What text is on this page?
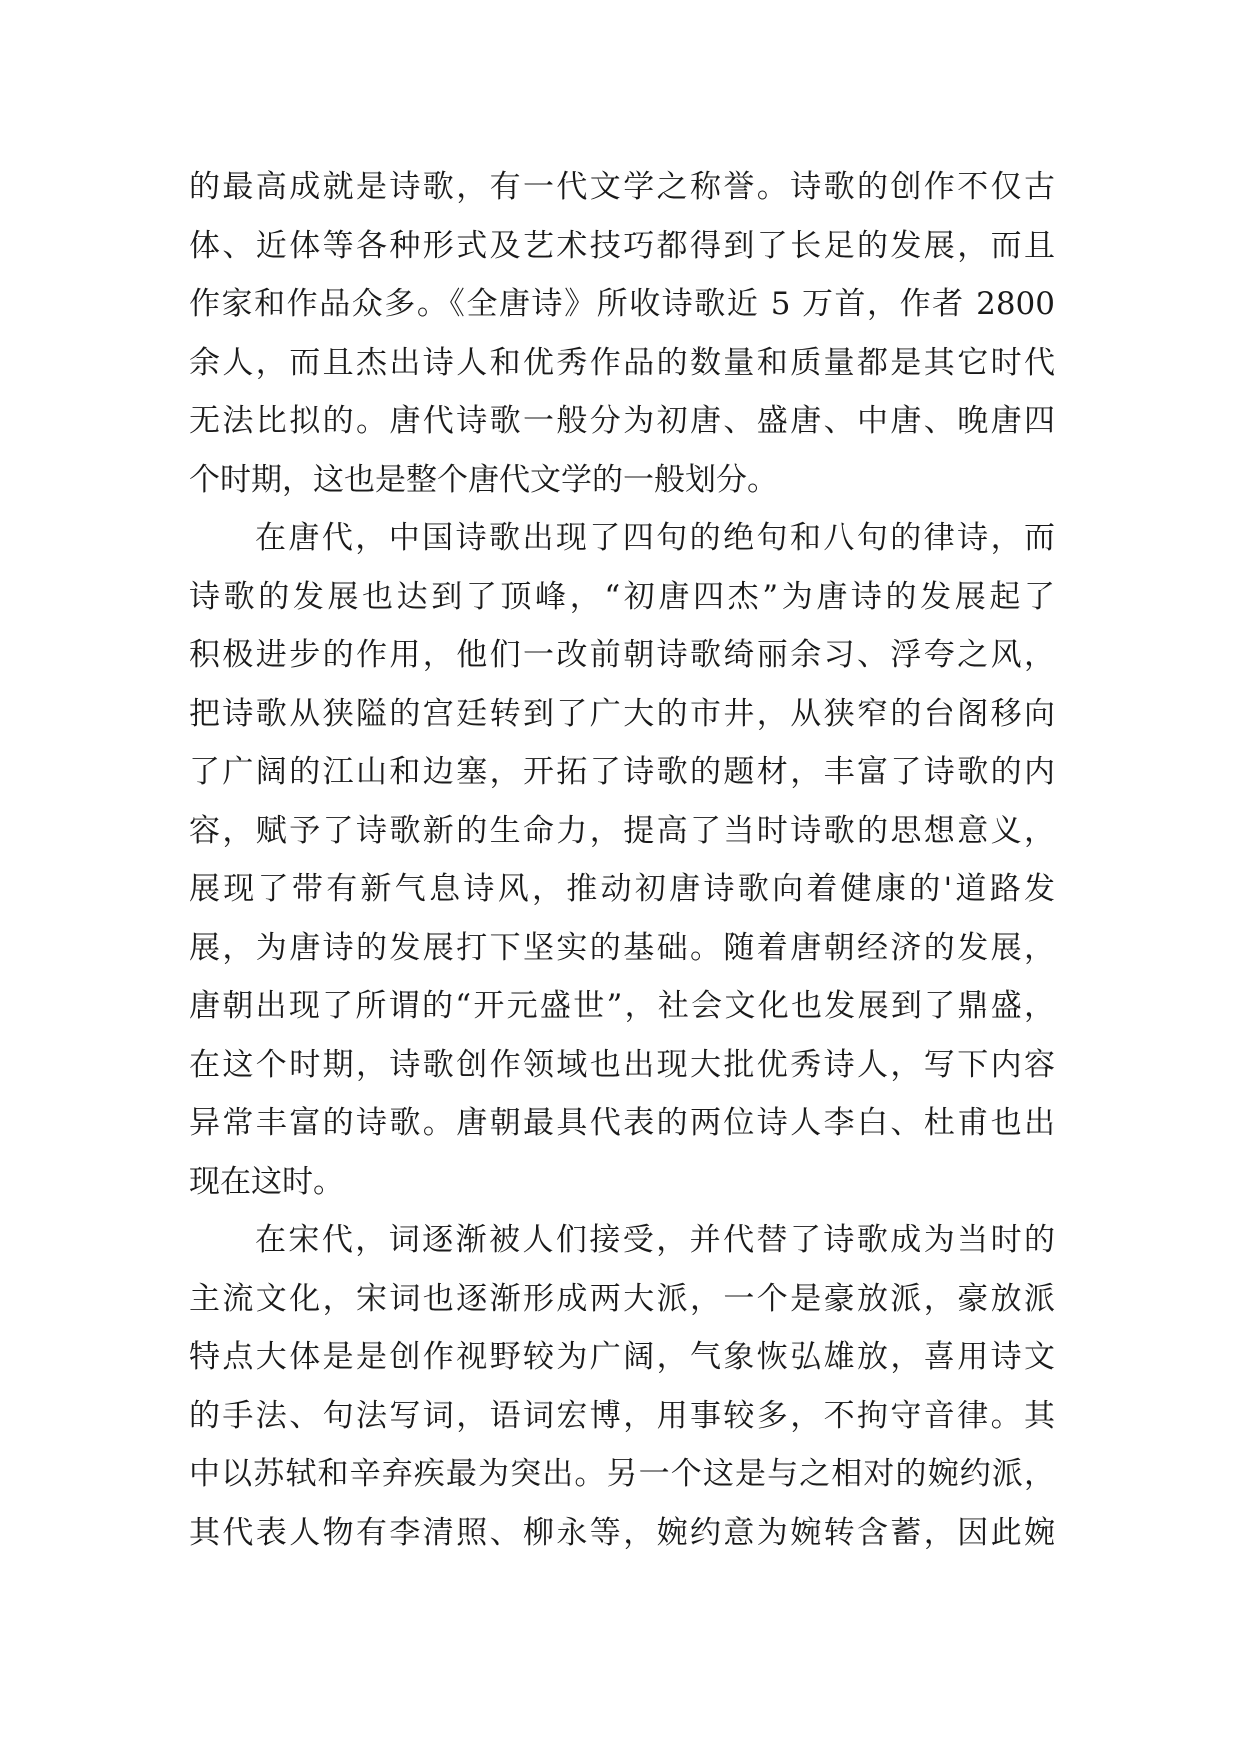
的最高成就是诗歌，有一代文学之称誉。诗歌的创作不仅古
体、近体等各种形式及艺术技巧都得到了长足的发展，而且
作家和作品众多。《全唐诗》所收诗歌近 5 万首，作者 2800
余人，而且杰出诗人和优秀作品的数量和质量都是其它时代
无法比拟的。唐代诗歌一般分为初唐、盛唐、中唐、晚唐四
个时期，这也是整个唐代文学的一般划分。
在唐代，中国诗歌出现了四句的绝句和八句的律诗，而
诗歌的发展也达到了顶峰，“初唐四杰”为唐诗的发展起了
积极进步的作用，他们一改前朝诗歌绮丽余习、浮夸之风，
把诗歌从狭隘的宫廷转到了广大的市井，从狭窄的台阁移向
了广阔的江山和边塞，开拓了诗歌的题材，丰富了诗歌的内
容，赋予了诗歌新的生命力，提高了当时诗歌的思想意义，
展现了带有新气息诗风，推动初唐诗歌向着健康的'道路发
展，为唐诗的发展打下坚实的基础。随着唐朝经济的发展，
唐朝出现了所谓的“开元盛世”，社会文化也发展到了鼎盛，
在这个时期，诗歌创作领域也出现大批优秀诗人，写下内容
异常丰富的诗歌。唐朝最具代表的两位诗人李白、杜甫也出
现在这时。
在宋代，词逐渐被人们接受，并代替了诗歌成为当时的
主流文化，宋词也逐渐形成两大派，一个是豪放派，豪放派
特点大体是是创作视野较为广阔，气象恢弘雄放，喜用诗文
的手法、句法写词，语词宏博，用事较多，不拘守音律。其
中以苏轼和辛弃疾最为突出。另一个这是与之相对的婉约派，
其代表人物有李清照、柳永等，婉约意为婉转含蓄，因此婉
